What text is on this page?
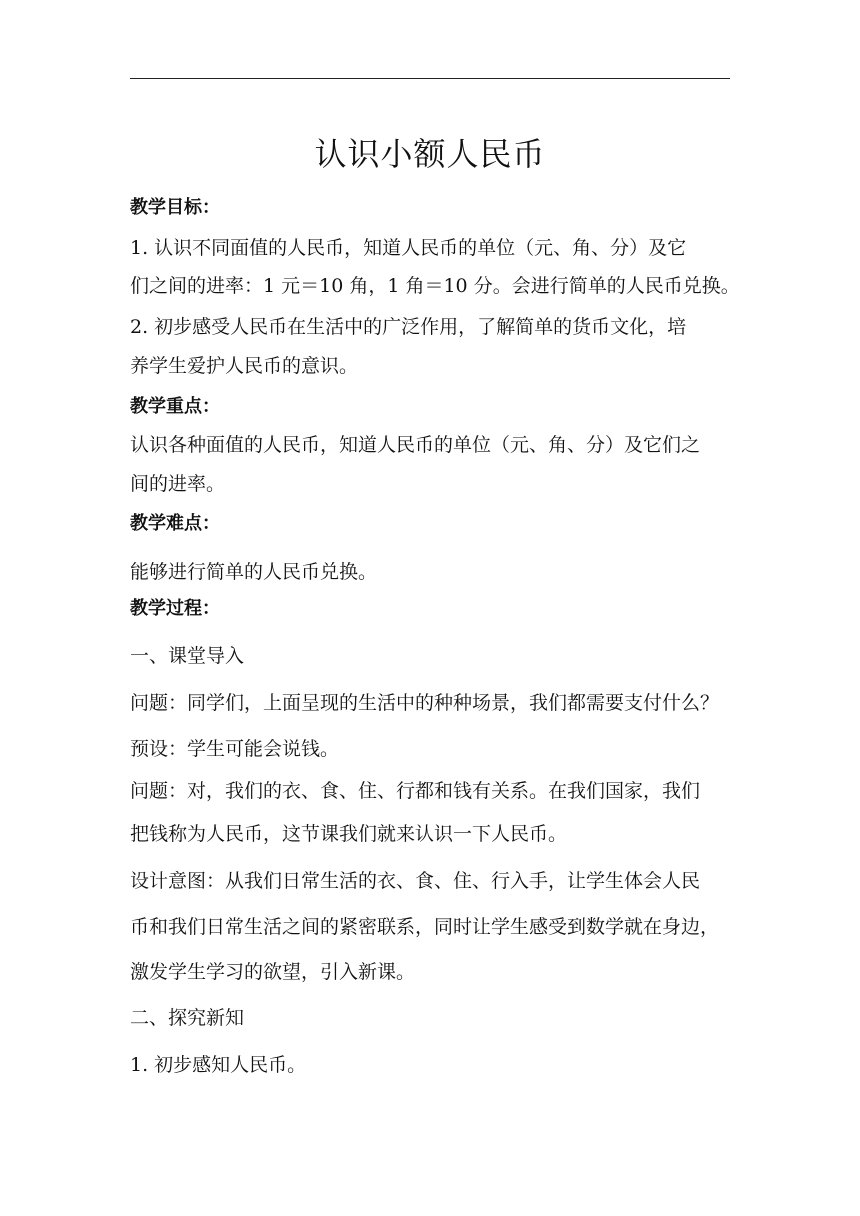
认识小额人民币
教学目标：
1. 认识不同面值的人民币，知道人民币的单位（元、角、分）及它
们之间的进率：1 元＝10 角，1 角＝10 分。会进行简单的人民币兑换。
2. 初步感受人民币在生活中的广泛作用，了解简单的货币文化，培
养学生爱护人民币的意识。
教学重点：
认识各种面值的人民币，知道人民币的单位（元、角、分）及它们之
间的进率。
教学难点：
能够进行简单的人民币兑换。
教学过程：
一、课堂导入
问题：同学们，上面呈现的生活中的种种场景，我们都需要支付什么？
预设：学生可能会说钱。
问题：对，我们的衣、食、住、行都和钱有关系。在我们国家，我们
把钱称为人民币，这节课我们就来认识一下人民币。
设计意图：从我们日常生活的衣、食、住、行入手，让学生体会人民
币和我们日常生活之间的紧密联系，同时让学生感受到数学就在身边，
激发学生学习的欲望，引入新课。
二、探究新知
1. 初步感知人民币。
